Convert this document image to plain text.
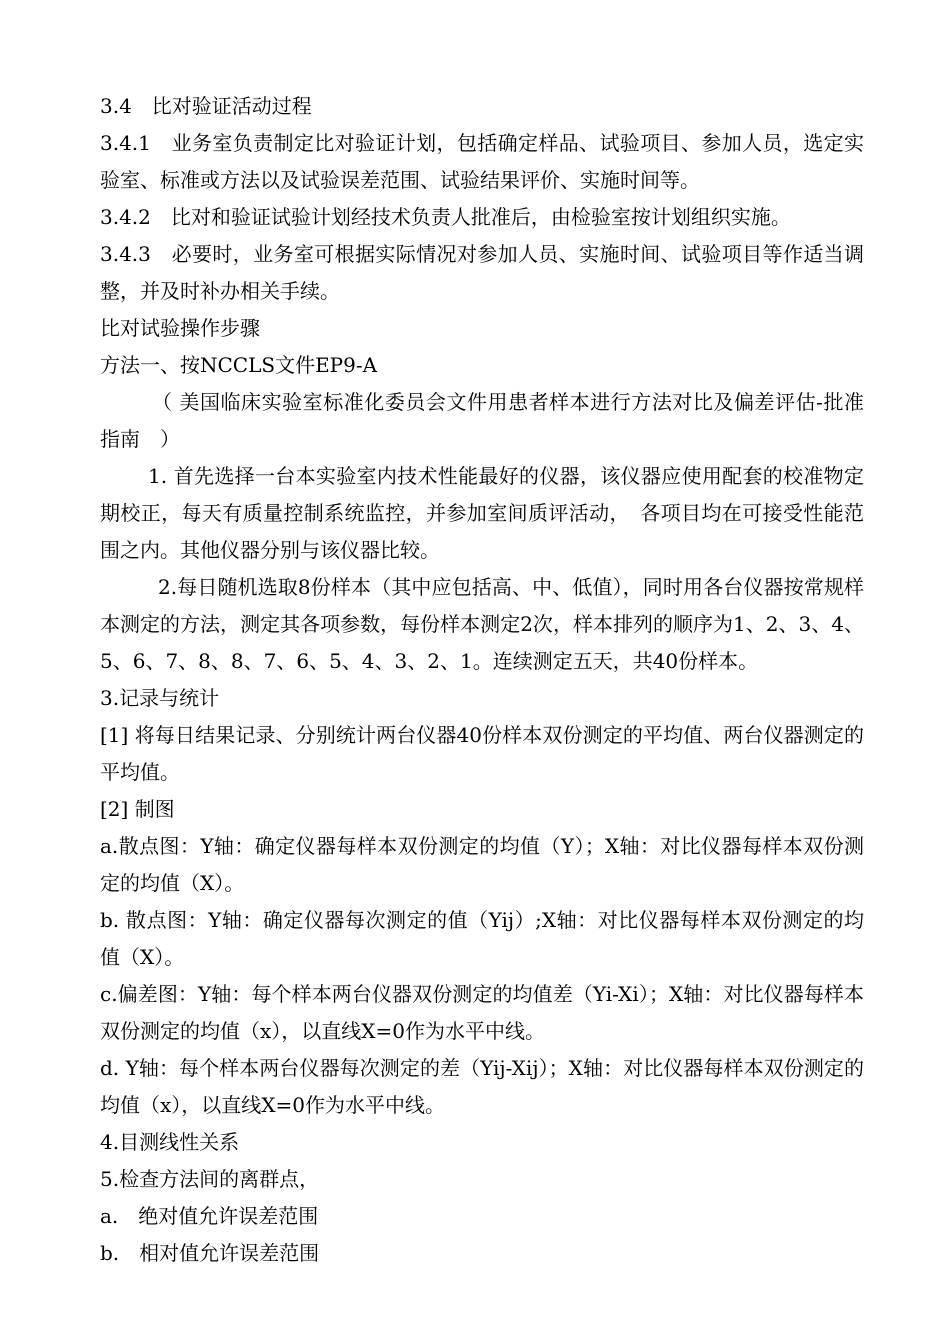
3.4　比对验证活动过程

3.4.1　业务室负责制定比对验证计划，包括确定样品、试验项目、参加人员，选定实验室、标准或方法以及试验误差范围、试验结果评价、实施时间等。

3.4.2　比对和验证试验计划经技术负责人批准后，由检验室按计划组织实施。

3.4.3　必要时，业务室可根据实际情况对参加人员、实施时间、试验项目等作适当调整，并及时补办相关手续。

比对试验操作步骤

方法一、按NCCLS文件EP9-A

（ 美国临床实验室标准化委员会文件用患者样本进行方法对比及偏差评估-批准指南　）

1. 首先选择一台本实验室内技术性能最好的仪器，该仪器应使用配套的校准物定期校正，每天有质量控制系统监控，并参加室间质评活动，　各项目均在可接受性能范围之内。其他仪器分别与该仪器比较。

2.每日随机选取8份样本（其中应包括高、中、低值），同时用各台仪器按常规样本测定的方法，测定其各项参数，每份样本测定2次，样本排列的顺序为1、2、3、4、5、6、7、8、8、7、6、5、4、3、2、1。连续测定五天，共40份样本。

3.记录与统计

[1] 将每日结果记录、分别统计两台仪器40份样本双份测定的平均值、两台仪器测定的平均值。

[2] 制图

a.散点图：Y轴：确定仪器每样本双份测定的均值（Y）；X轴：对比仪器每样本双份测定的均值（X）。

b. 散点图：Y轴：确定仪器每次测定的值（Yij）;X轴：对比仪器每样本双份测定的均值（X）。

c.偏差图：Y轴：每个样本两台仪器双份测定的均值差（Yi-Xi）；X轴：对比仪器每样本双份测定的均值（x），以直线X=0作为水平中线。

d. Y轴：每个样本两台仪器每次测定的差（Yij-Xij）；X轴：对比仪器每样本双份测定的均值（x），以直线X=0作为水平中线。

4.目测线性关系

5.检查方法间的离群点，

a.　绝对值允许误差范围

b.　相对值允许误差范围
